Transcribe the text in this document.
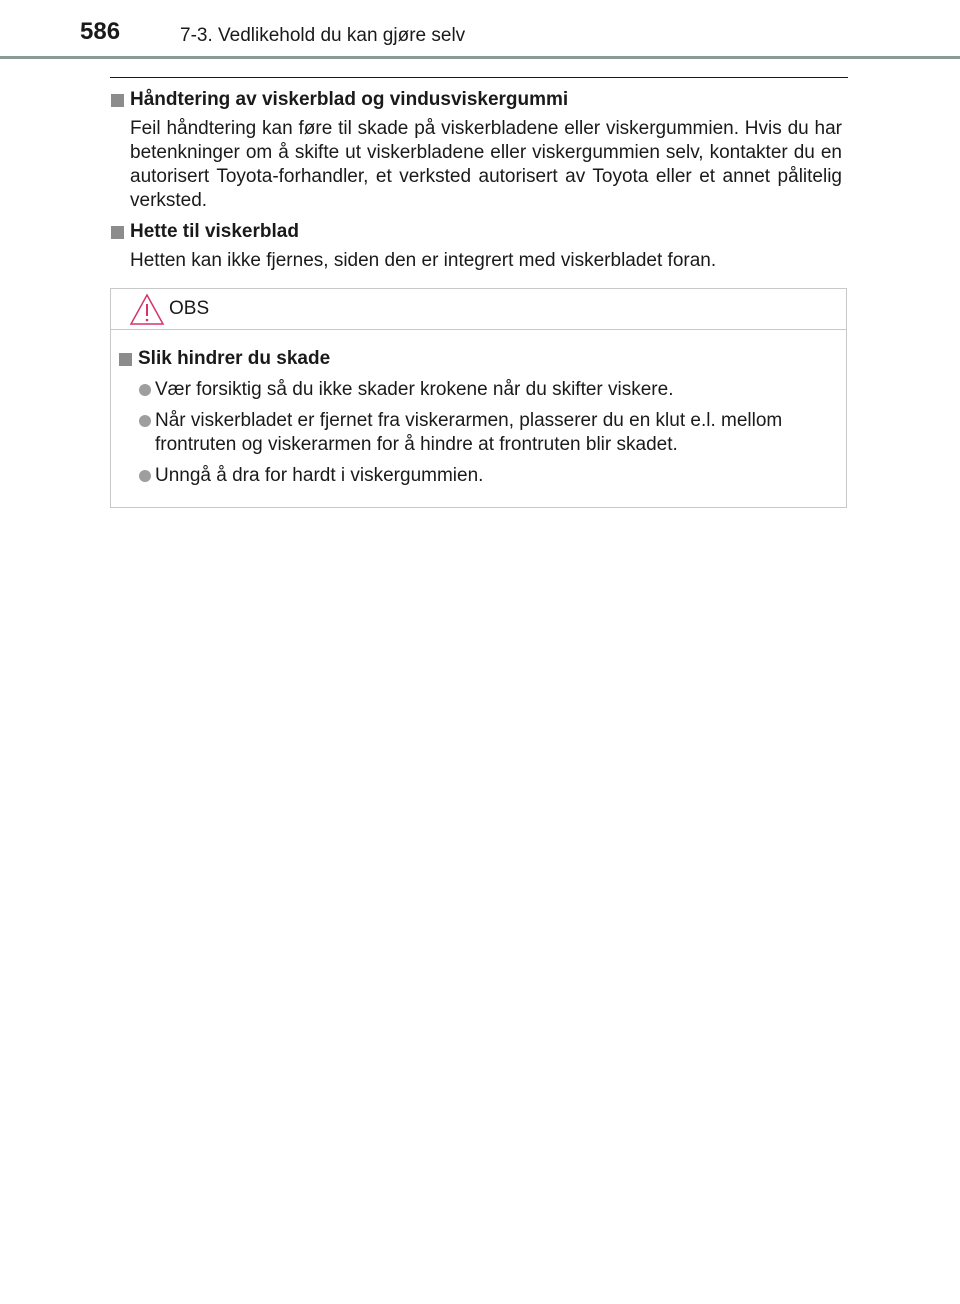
586	7-3. Vedlikehold du kan gjøre selv
Håndtering av viskerblad og vindusviskergummi
Feil håndtering kan føre til skade på viskerbladene eller viskergummien. Hvis du har betenkninger om å skifte ut viskerbladene eller viskergummien selv, kontakter du en autorisert Toyota-forhandler, et verksted autorisert av Toyota eller et annet pålitelig verksted.
Hette til viskerblad
Hetten kan ikke fjernes, siden den er integrert med viskerbladet foran.
OBS
Slik hindrer du skade
Vær forsiktig så du ikke skader krokene når du skifter viskere.
Når viskerbladet er fjernet fra viskerarmen, plasserer du en klut e.l. mellom frontruten og viskerarmen for å hindre at frontruten blir skadet.
Unngå å dra for hardt i viskergummien.
